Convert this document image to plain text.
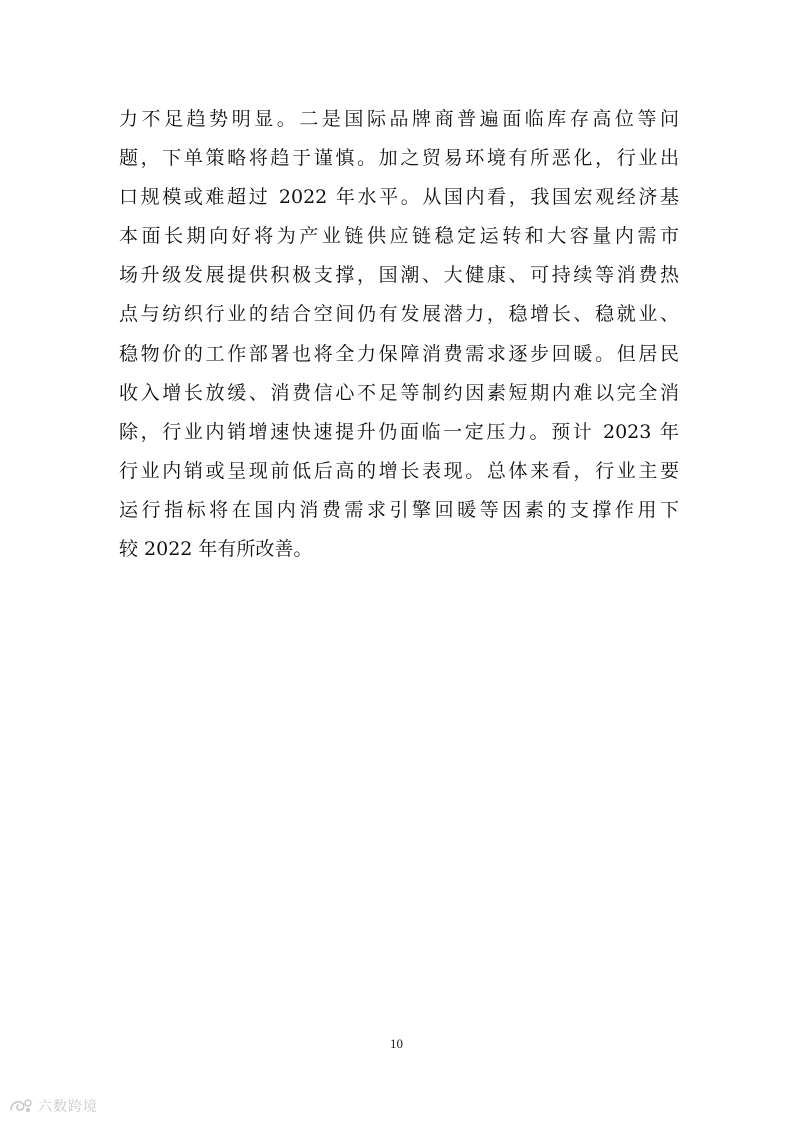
力不足趋势明显。二是国际品牌商普遍面临库存高位等问
题，下单策略将趋于谨慎。加之贸易环境有所恶化，行业出
口规模或难超过 2022 年水平。从国内看，我国宏观经济基
本面长期向好将为产业链供应链稳定运转和大容量内需市
场升级发展提供积极支撑，国潮、大健康、可持续等消费热
点与纺织行业的结合空间仍有发展潜力，稳增长、稳就业、
稳物价的工作部署也将全力保障消费需求逐步回暖。但居民
收入增长放缓、消费信心不足等制约因素短期内难以完全消
除，行业内销增速快速提升仍面临一定压力。预计 2023 年
行业内销或呈现前低后高的增长表现。总体来看，行业主要
运行指标将在国内消费需求引擎回暖等因素的支撑作用下
较 2022 年有所改善。
10
六数跨境
